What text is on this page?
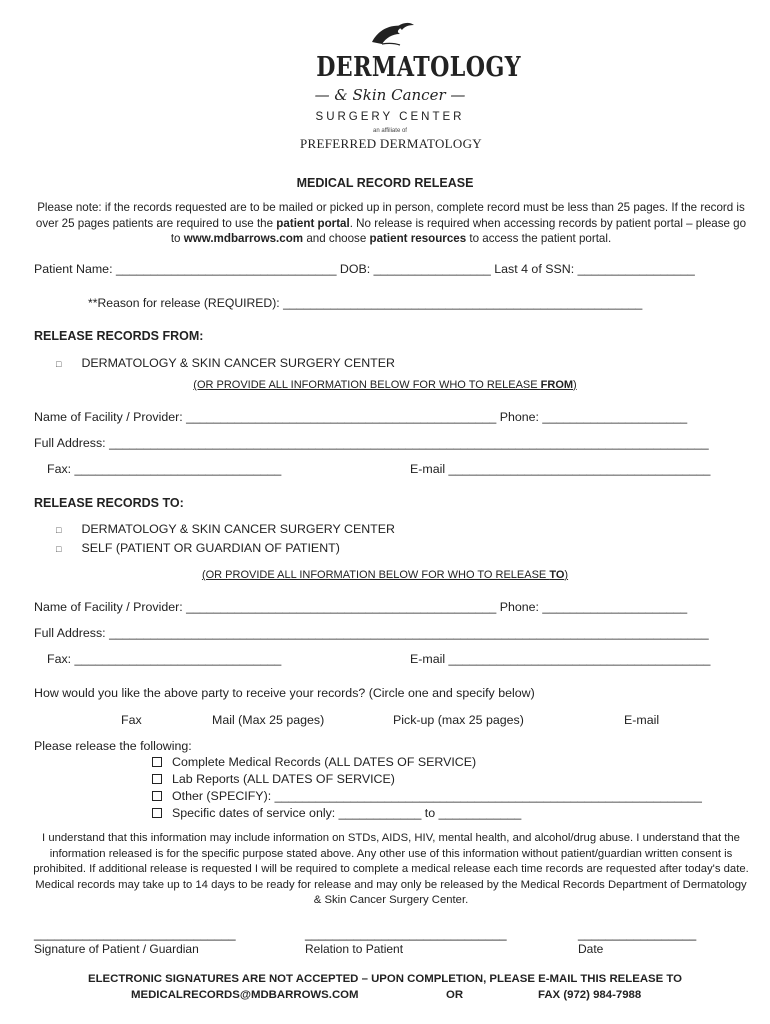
DERMATOLOGY
— & Skin Cancer —
SURGERY CENTER
an affiliate of
PREFERRED DERMATOLOGY
MEDICAL RECORD RELEASE
Please note: if the records requested are to be mailed or picked up in person, complete record must be less than 25 pages. If the record is over 25 pages patients are required to use the patient portal. No release is required when accessing records by patient portal – please go to www.mdbarrows.com and choose patient resources to access the patient portal.
Patient Name: ________________________________ DOB: _________________ Last 4 of SSN: _________________
**Reason for release (REQUIRED): _____________________________________________________
RELEASE RECORDS FROM:
□ DERMATOLOGY & SKIN CANCER SURGERY CENTER
(OR PROVIDE ALL INFORMATION BELOW FOR WHO TO RELEASE FROM)
Name of Facility / Provider: _____________________________________________ Phone: _____________________
Full Address: _______________________________________________________________________________________
Fax: ______________________________	E-mail ______________________________________
RELEASE RECORDS TO:
□ DERMATOLOGY & SKIN CANCER SURGERY CENTER
□ SELF (PATIENT OR GUARDIAN OF PATIENT)
(OR PROVIDE ALL INFORMATION BELOW FOR WHO TO RELEASE TO)
Name of Facility / Provider: _____________________________________________ Phone: _____________________
Full Address: _______________________________________________________________________________________
Fax: ______________________________	E-mail ______________________________________
How would you like the above party to receive your records? (Circle one and specify below)
Fax	Mail (Max 25 pages)	Pick-up (max 25 pages)	E-mail
Please release the following:
Complete Medical Records (ALL DATES OF SERVICE)
Lab Reports (ALL DATES OF SERVICE)
Other (SPECIFY): ______________________________________________________________
Specific dates of service only: ____________ to ____________
I understand that this information may include information on STDs, AIDS, HIV, mental health, and alcohol/drug abuse. I understand that the information released is for the specific purpose stated above. Any other use of this information without patient/guardian written consent is prohibited. If additional release is requested I will be required to complete a medical release each time records are requested after today's date. Medical records may take up to 14 days to be ready for release and may only be released by the Medical Records Department of Dermatology & Skin Cancer Surgery Center.
_____________________________	_____________________________	_________________
Signature of Patient / Guardian	Relation to Patient	Date
ELECTRONIC SIGNATURES ARE NOT ACCEPTED – UPON COMPLETION, PLEASE E-MAIL THIS RELEASE TO
MEDICALRECORDS@MDBARROWS.COM	OR	FAX (972) 984-7988
